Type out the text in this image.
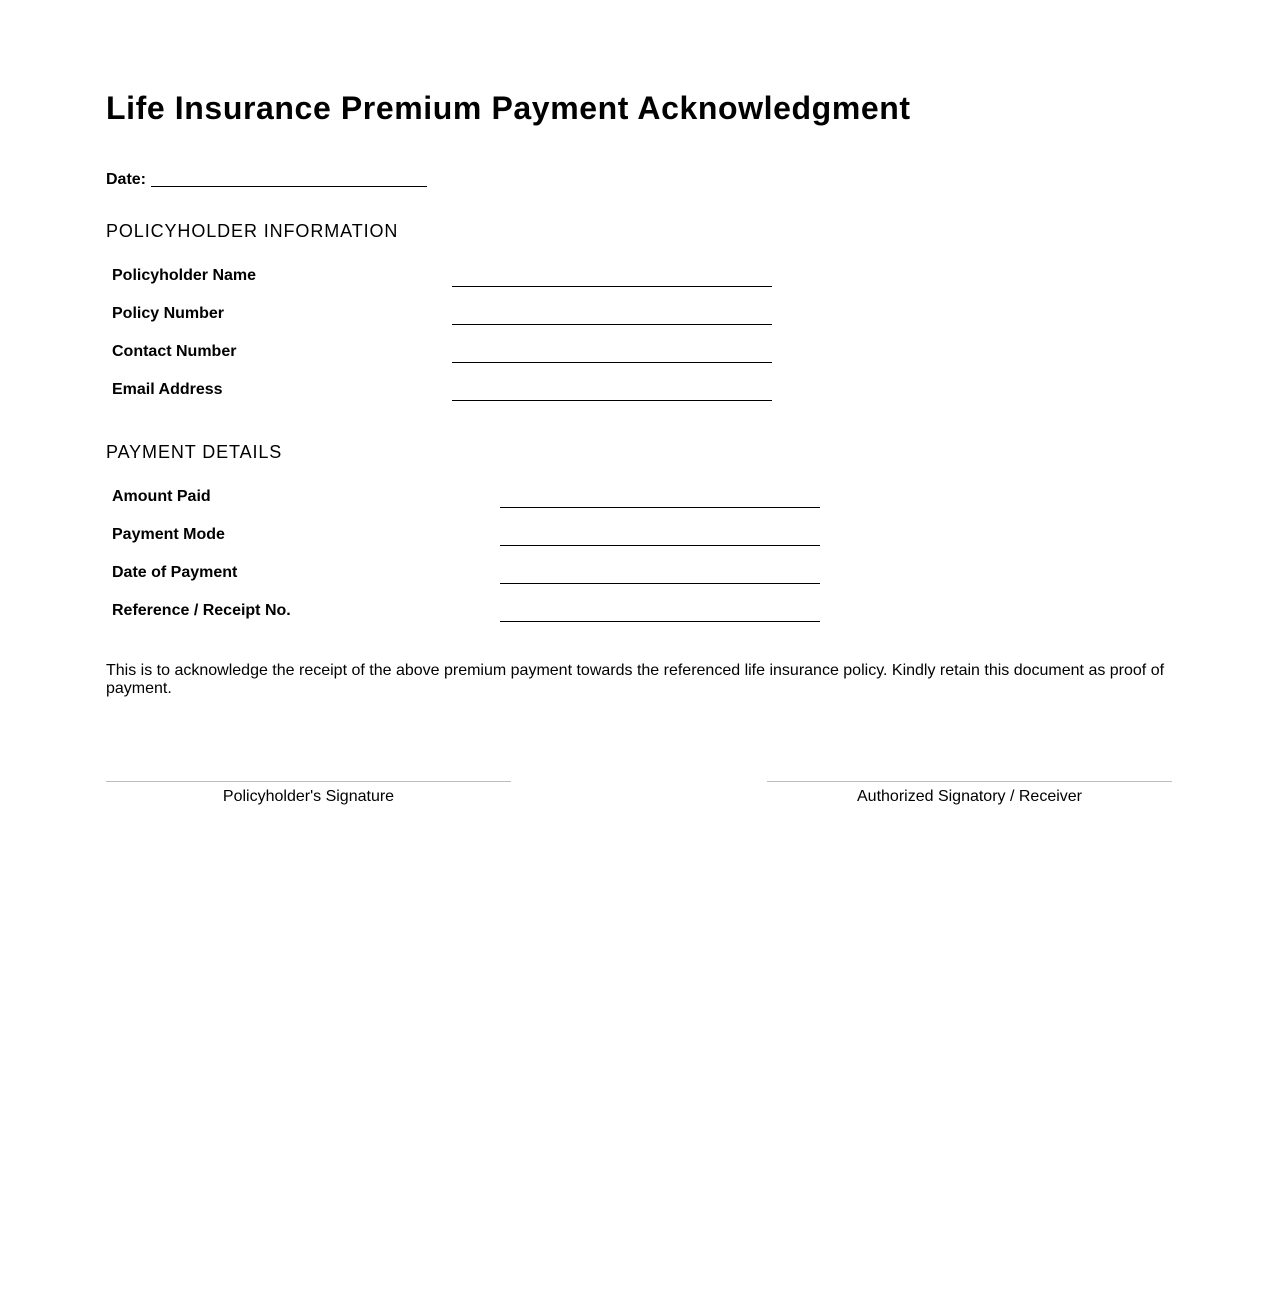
Life Insurance Premium Payment Acknowledgment
Date:
POLICYHOLDER INFORMATION
Policyholder Name
Policy Number
Contact Number
Email Address
PAYMENT DETAILS
Amount Paid
Payment Mode
Date of Payment
Reference / Receipt No.

This is to acknowledge the receipt of the above premium payment towards the referenced life insurance policy. Kindly retain this document as proof of payment.

Policyholder's Signature	Authorized Signatory / Receiver
